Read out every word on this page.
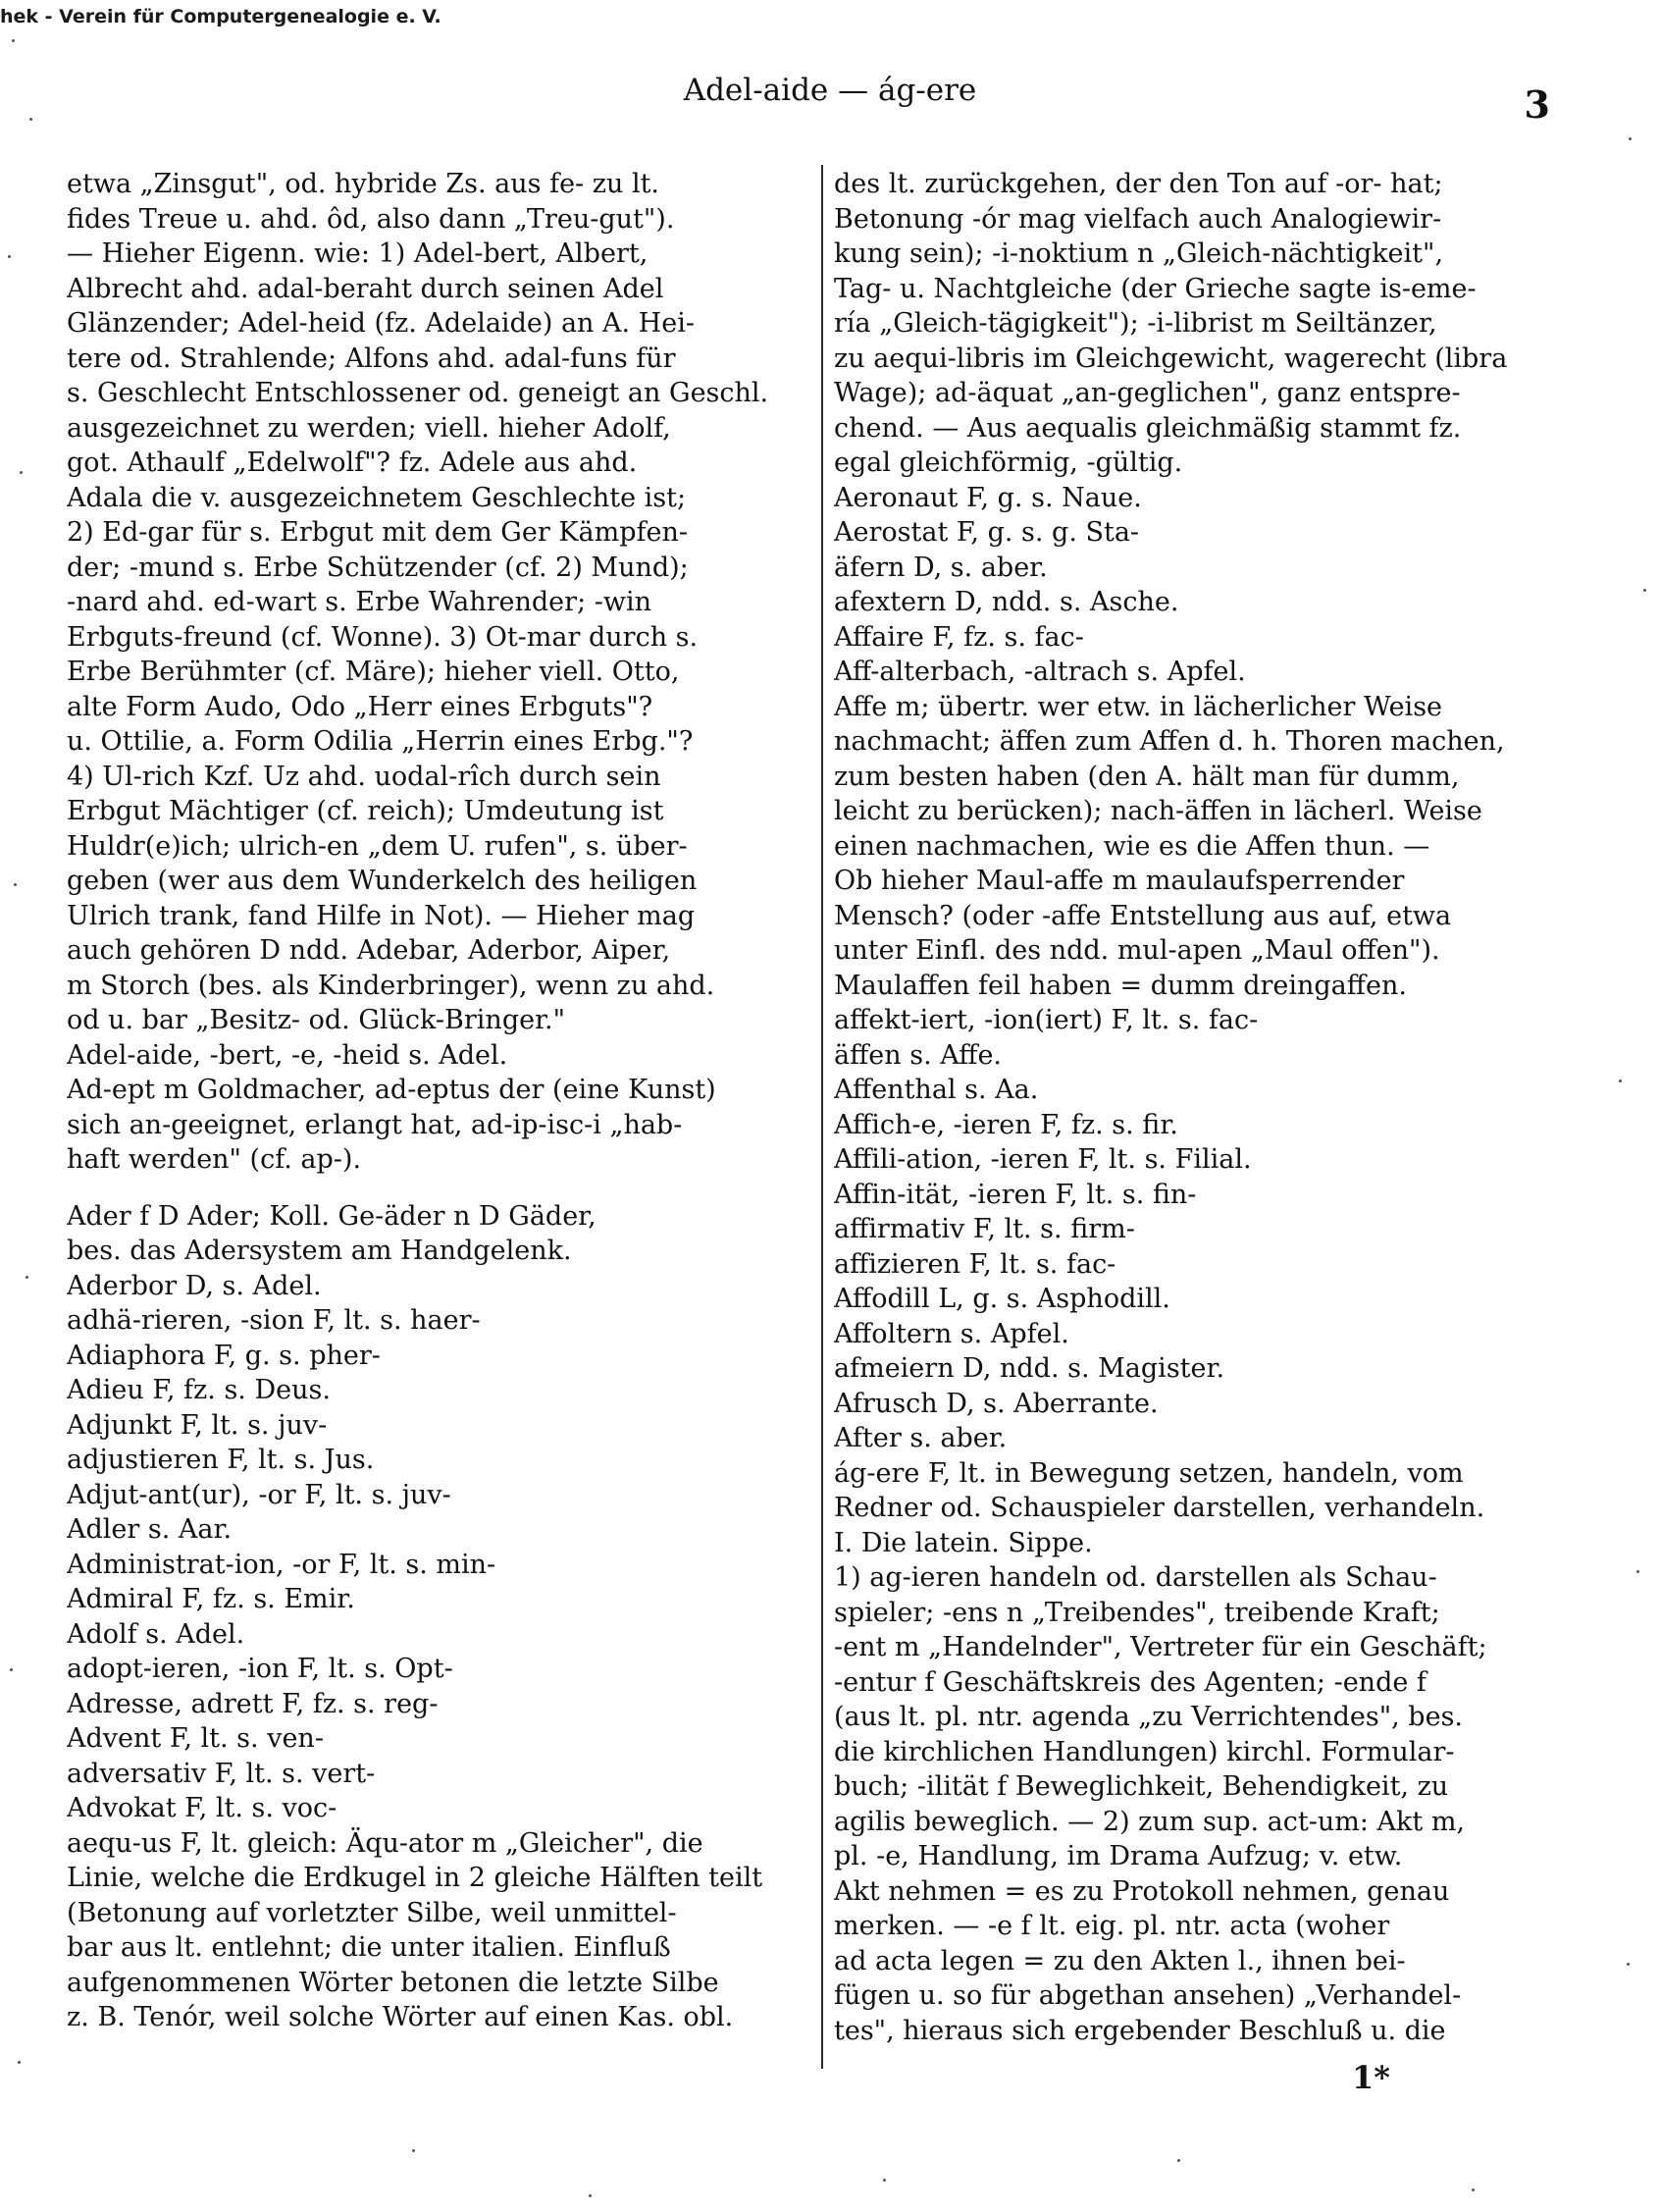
hek - Verein für Computergenealogie e. V.
Adel-aide — ág-ere	3
etwa „Zinsgut", od. hybride Zs. aus fe- zu lt.
fides Treue u. ahd. ôd, also dann „Treu-gut").
— Hieher Eigenn. wie: 1) Adel-bert, Albert,
Albrecht ahd. adal-beraht durch seinen Adel
Glänzender; Adel-heid (fz. Adelaide) an A. Hei-
tere od. Strahlende; Alfons ahd. adal-funs für
s. Geschlecht Entschlossener od. geneigt an Geschl.
ausgezeichnet zu werden; viell. hieher Adolf,
got. Athaulf „Edelwolf"? fz. Adele aus ahd.
Adala die v. ausgezeichnetem Geschlechte ist;
2) Ed-gar für s. Erbgut mit dem Ger Kämpfen-
der; -mund s. Erbe Schützender (cf. 2) Mund);
-nard ahd. ed-wart s. Erbe Wahrender; -win
Erbguts-freund (cf. Wonne). 3) Ot-mar durch s.
Erbe Berühmter (cf. Märe); hieher viell. Otto,
alte Form Audo, Odo „Herr eines Erbguts"?
u. Ottilie, a. Form Odilia „Herrin eines Erbg."?
4) Ul-rich Kzf. Uz ahd. uodal-rîch durch sein
Erbgut Mächtiger (cf. reich); Umdeutung ist
Huldr(e)ich; ulrich-en „dem U. rufen", s. über-
geben (wer aus dem Wunderkelch des heiligen
Ulrich trank, fand Hilfe in Not). — Hieher mag
auch gehören D ndd. Adebar, Aderbor, Aiper,
m Storch (bes. als Kinderbringer), wenn zu ahd.
od u. bar „Besitz- od. Glück-Bringer."
Adel-aide, -bert, -e, -heid s. Adel.
Ad-ept m Goldmacher, ad-eptus der (eine Kunst)
sich an-geeignet, erlangt hat, ad-ip-isc-i „hab-
haft werden" (cf. ap-).
Ader f D Ader; Koll. Ge-äder n D Gäder,
bes. das Adersystem am Handgelenk.
Aderbor D, s. Adel.
adhä-rieren, -sion F, lt. s. haer-
Adiaphora F, g. s. pher-
Adieu F, fz. s. Deus.
Adjunkt F, lt. s. juv-
adjustieren F, lt. s. Jus.
Adjut-ant(ur), -or F, lt. s. juv-
Adler s. Aar.
Administrat-ion, -or F, lt. s. min-
Admiral F, fz. s. Emir.
Adolf s. Adel.
adopt-ieren, -ion F, lt. s. Opt-
Adresse, adrett F, fz. s. reg-
Advent F, lt. s. ven-
adversativ F, lt. s. vert-
Advokat F, lt. s. voc-
aequ-us F, lt. gleich: Äqu-ator m „Gleicher", die
Linie, welche die Erdkugel in 2 gleiche Hälften teilt
(Betonung auf vorletzter Silbe, weil unmittel-
bar aus lt. entlehnt; die unter italien. Einfluß
aufgenommenen Wörter betonen die letzte Silbe
z. B. Tenór, weil solche Wörter auf einen Kas. obl.
des lt. zurückgehen, der den Ton auf -or- hat;
Betonung -ór mag vielfach auch Analogiewir-
kung sein); -i-noktium n „Gleich-nächtigkeit",
Tag- u. Nachtgleiche (der Grieche sagte is-eme-
ría „Gleich-tägigkeit"); -i-librist m Seiltänzer,
zu aequi-libris im Gleichgewicht, wagerecht (libra
Wage); ad-äquat „an-geglichen", ganz entspre-
chend. — Aus aequalis gleichmäßig stammt fz.
egal gleichförmig, -gültig.
Aeronaut F, g. s. Naue.
Aerostat F, g. s. g. Sta-
äfern D, s. aber.
afextern D, ndd. s. Asche.
Affaire F, fz. s. fac-
Aff-alterbach, -altrach s. Apfel.
Affe m; übertr. wer etw. in lächerlicher Weise
nachmacht; äffen zum Affen d. h. Thoren machen,
zum besten haben (den A. hält man für dumm,
leicht zu berücken); nach-äffen in lächerl. Weise
einen nachmachen, wie es die Affen thun. —
Ob hieher Maul-affe m maulaufsperrender
Mensch? (oder -affe Entstellung aus auf, etwa
unter Einfl. des ndd. mul-apen „Maul offen").
Maulaffen feil haben = dumm dreingaffen.
affekt-iert, -ion(iert) F, lt. s. fac-
äffen s. Affe.
Affenthal s. Aa.
Affich-e, -ieren F, fz. s. fir.
Affili-ation, -ieren F, lt. s. Filial.
Affin-ität, -ieren F, lt. s. fin-
affirmativ F, lt. s. firm-
affizieren F, lt. s. fac-
Affodill L, g. s. Asphodill.
Affoltern s. Apfel.
afmeiern D, ndd. s. Magister.
Afrusch D, s. Aberrante.
After s. aber.
ág-ere F, lt. in Bewegung setzen, handeln, vom
Redner od. Schauspieler darstellen, verhandeln.
I. Die latein. Sippe.
1) ag-ieren handeln od. darstellen als Schau-
spieler; -ens n „Treibendes", treibende Kraft;
-ent m „Handelnder", Vertreter für ein Geschäft;
-entur f Geschäftskreis des Agenten; -ende f
(aus lt. pl. ntr. agenda „zu Verrichtendes", bes.
die kirchlichen Handlungen) kirchl. Formular-
buch; -ilität f Beweglichkeit, Behendigkeit, zu
agilis beweglich. — 2) zum sup. act-um: Akt m,
pl. -e, Handlung, im Drama Aufzug; v. etw.
Akt nehmen = es zu Protokoll nehmen, genau
merken. — -e f lt. eig. pl. ntr. acta (woher
ad acta legen = zu den Akten l., ihnen bei-
fügen u. so für abgethan ansehen) „Verhandel-
tes", hieraus sich ergebender Beschluß u. die
1*
